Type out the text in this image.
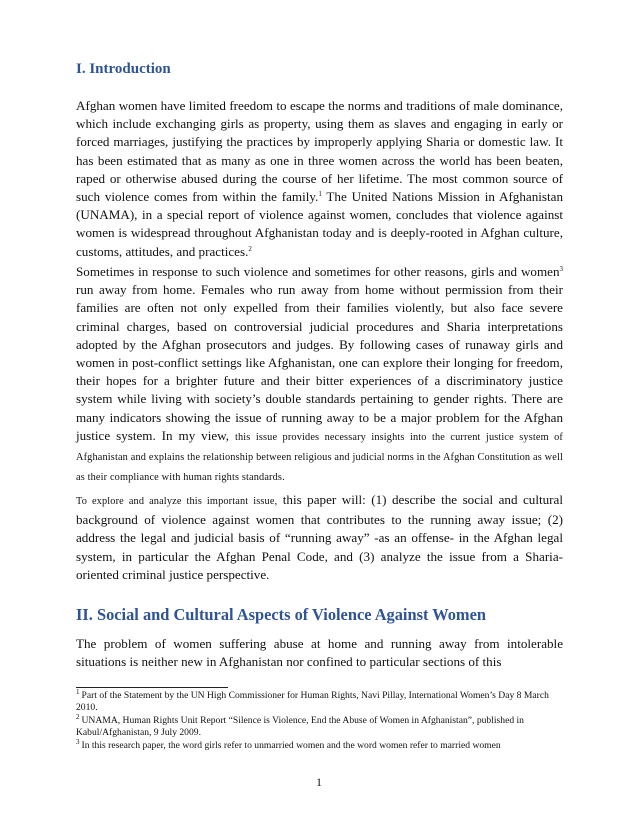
I. Introduction

Afghan women have limited freedom to escape the norms and traditions of male dominance, which include exchanging girls as property, using them as slaves and engaging in early or forced marriages, justifying the practices by improperly applying Sharia or domestic law. It has been estimated that as many as one in three women across the world has been beaten, raped or otherwise abused during the course of her lifetime. The most common source of such violence comes from within the family.$^1$ The United Nations Mission in Afghanistan (UNAMA), in a special report of violence against women, concludes that violence against women is widespread throughout Afghanistan today and is deeply-rooted in Afghan culture, customs, attitudes, and practices.$^2$

Sometimes in response to such violence and sometimes for other reasons, girls and women$^3$ run away from home. Females who run away from home without permission from their families are often not only expelled from their families violently, but also face severe criminal charges, based on controversial judicial procedures and Sharia interpretations adopted by the Afghan prosecutors and judges. By following cases of runaway girls and women in post-conflict settings like Afghanistan, one can explore their longing for freedom, their hopes for a brighter future and their bitter experiences of a discriminatory justice system while living with society’s double standards pertaining to gender rights. There are many indicators showing the issue of running away to be a major problem for the Afghan justice system. In my view, this issue provides necessary insights into the current justice system of Afghanistan and explains the relationship between religious and judicial norms in the Afghan Constitution as well as their compliance with human rights standards.

To explore and analyze this important issue, this paper will: (1) describe the social and cultural background of violence against women that contributes to the running away issue; (2) address the legal and judicial basis of “running away” -as an offense- in the Afghan legal system, in particular the Afghan Penal Code, and (3) analyze the issue from a Sharia-oriented criminal justice perspective.

II. Social and Cultural Aspects of Violence Against Women

The problem of women suffering abuse at home and running away from intolerable situations is neither new in Afghanistan nor confined to particular sections of this

$^1$ Part of the Statement by the UN High Commissioner for Human Rights, Navi Pillay, International Women’s Day 8 March 2010.

$^2$ UNAMA, Human Rights Unit Report “Silence is Violence, End the Abuse of Women in Afghanistan”, published in Kabul/Afghanistan, 9 July 2009.

$^3$ In this research paper, the word girls refer to unmarried women and the word women refer to married women

1
